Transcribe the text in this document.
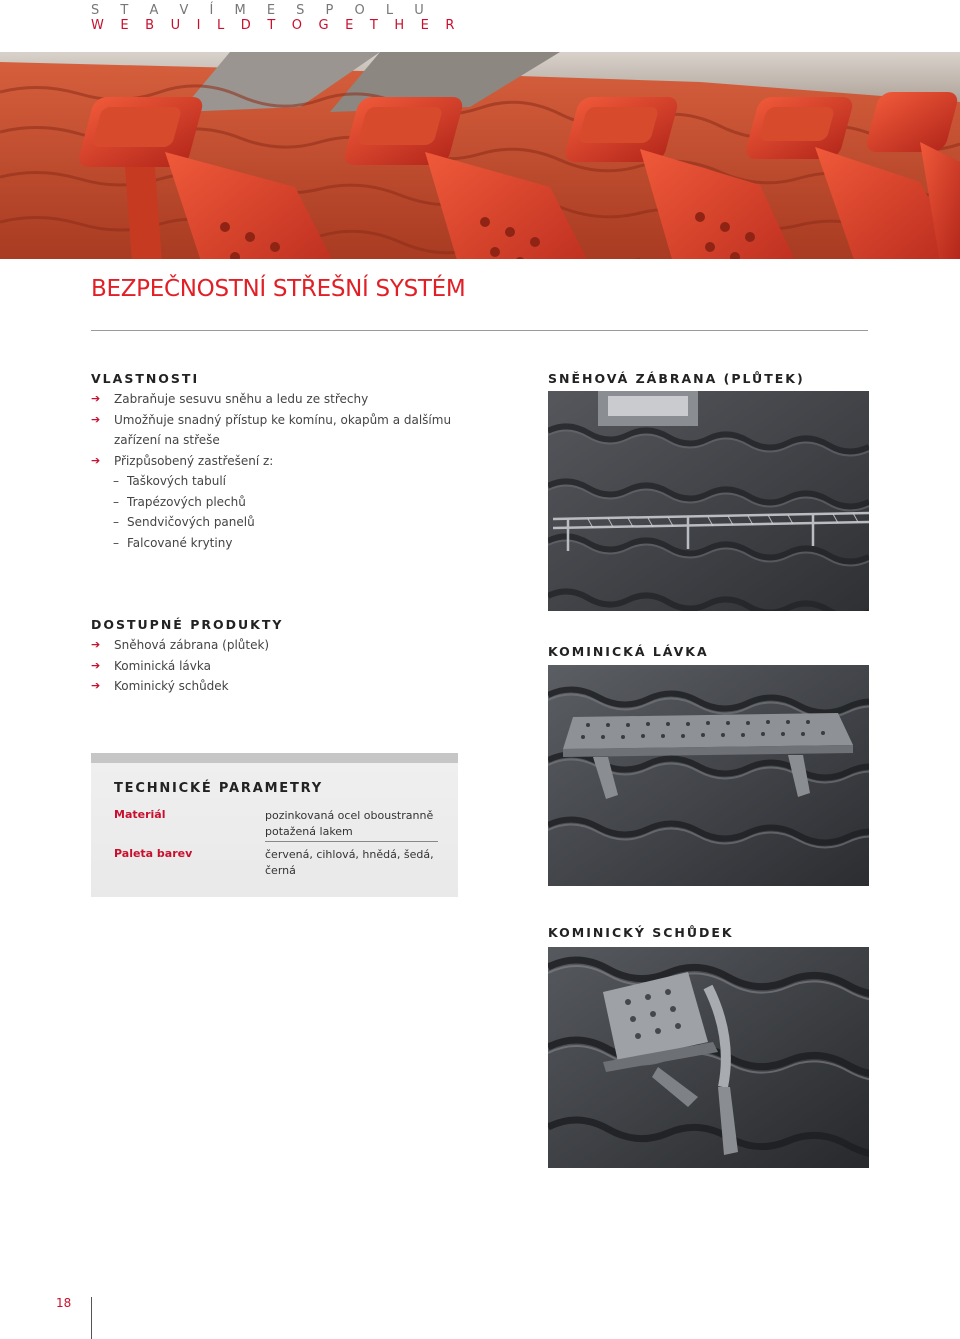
S T A V Í M E S P O L U
W E B U I L D T O G E T H E R
BEZPEČNOSTNÍ STŘEŠNÍ SYSTÉM
VLASTNOSTI
➔ Zabraňuje sesuvu sněhu a ledu ze střechy
➔ Umožňuje snadný přístup ke komínu, okapům a dalšímu
zařízení na střeše
➔ Přizpůsobený zastřešení z:
– Taškových tabulí
– Trapézových plechů
– Sendvičových panelů
– Falcované krytiny
DOSTUPNÉ PRODUKTY
➔ Sněhová zábrana (plůtek)
➔ Kominická lávka
➔ Kominický schůdek
TECHNICKÉ PARAMETRY
Materiál	pozinkovaná ocel oboustranně potažená lakem
Paleta barev	červená, cihlová, hnědá, šedá, černá
SNĚHOVÁ ZÁBRANA (PLŮTEK)
KOMINICKÁ LÁVKA
KOMINICKÝ SCHŮDEK
18
